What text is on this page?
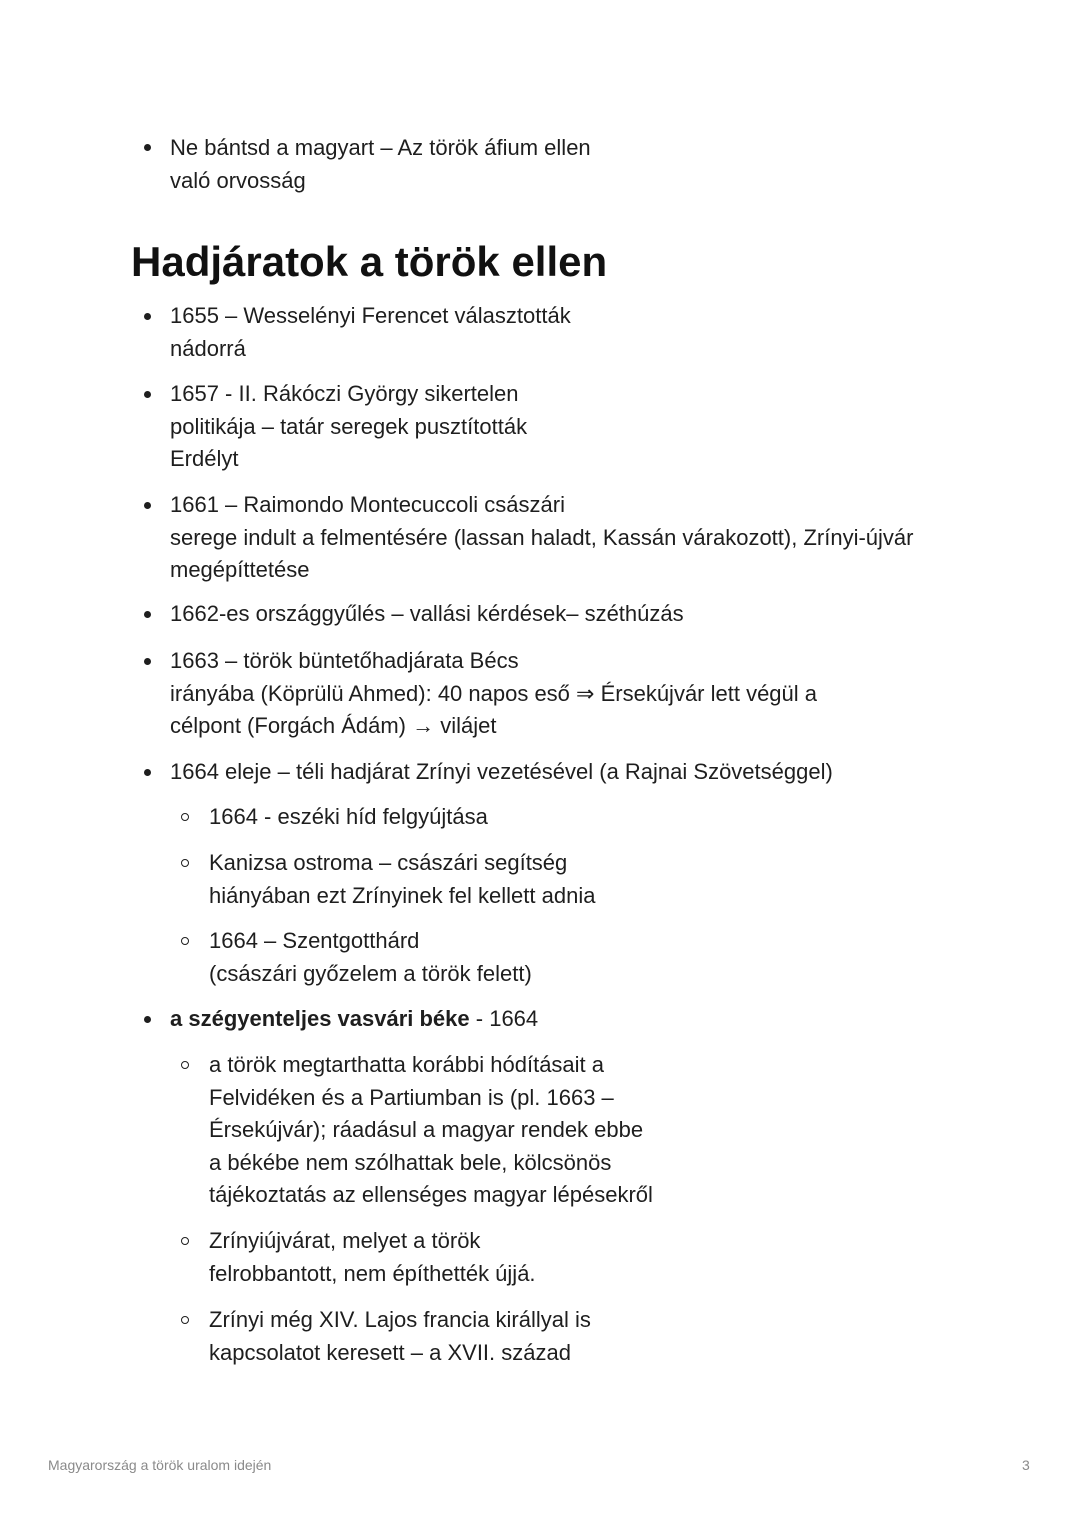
Ne bántsd a magyart – Az török áfium ellen
való orvosság
Hadjáratok a török ellen
1655 – Wesselényi Ferencet választották
nádorrá
1657 - II. Rákóczi György sikertelen
politikája – tatár seregek pusztították
Erdélyt
1661 – Raimondo Montecuccoli császári
serege indult a felmentésére (lassan haladt, Kassán várakozott), Zrínyi-újvár
megépíttetése
1662-es országgyűlés – vallási kérdések– széthúzás
1663 – török büntetőhadjárata Bécs
irányába (Köprülü Ahmed): 40 napos eső ⇒ Érsekújvár lett végül a
célpont (Forgách Ádám) → vilájet
1664 eleje – téli hadjárat Zrínyi vezetésével (a Rajnai Szövetséggel)
1664 - eszéki híd felgyújtása
Kanizsa ostroma – császári segítség
hiányában ezt Zrínyinek fel kellett adnia
1664 – Szentgotthárd
(császári győzelem a török felett)
a szégyenteljes vasvári béke - 1664
a török megtarthatta korábbi hódításait a
Felvidéken és a Partiumban is (pl. 1663 –
Érsekújvár); ráadásul a magyar rendek ebbe
a békébe nem szólhattak bele, kölcsönös
tájékoztatás az ellenséges magyar lépésekről
Zrínyiújvárat, melyet a török
felrobbantott, nem építhették újjá.
Zrínyi még XIV. Lajos francia királlyal is
kapcsolatot keresett – a XVII. század
Magyarország a török uralom idején	3
